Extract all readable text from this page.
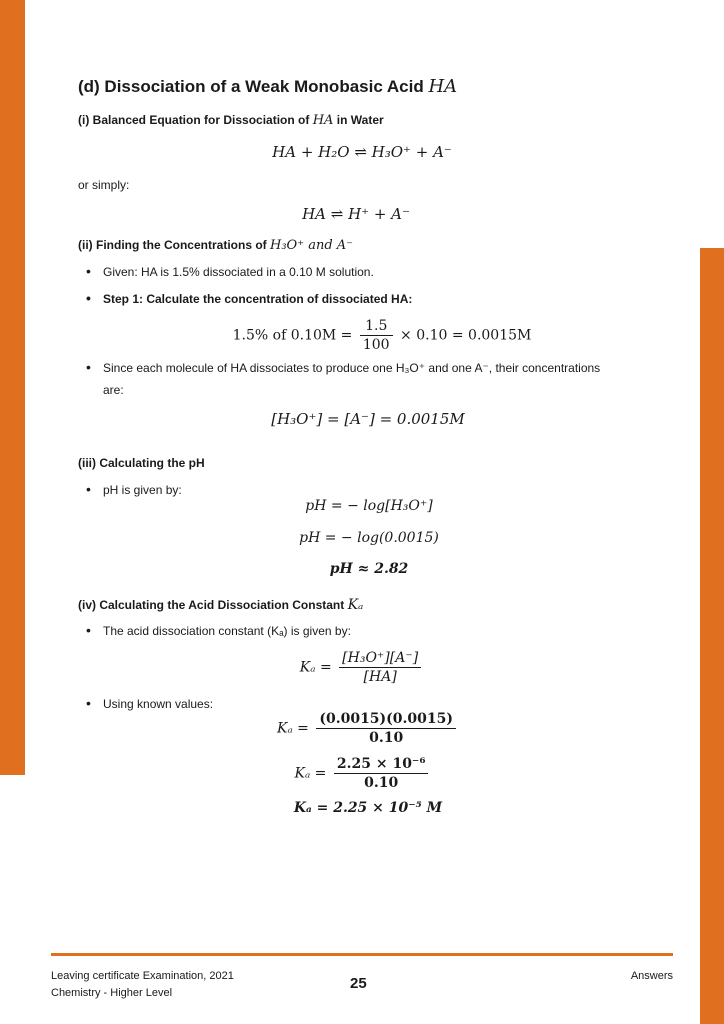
(d) Dissociation of a Weak Monobasic Acid HA
(i) Balanced Equation for Dissociation of HA in Water
HA + H₂O ⇌ H₃O⁺ + A⁻
or simply:
HA ⇌ H⁺ + A⁻
(ii) Finding the Concentrations of H₃O⁺ and A⁻
• Given: HA is 1.5% dissociated in a 0.10 M solution.
• Step 1: Calculate the concentration of dissociated HA:
1.5% of $0.10M = \frac{1.5}{100} \times 0.10 = 0.0015M$
• Since each molecule of HA dissociates to produce one H₃O⁺ and one A⁻, their concentrations
are:
[H₃O⁺] = [A⁻] = 0.0015M
(iii) Calculating the pH
• pH is given by:
pH = − log[H₃O⁺]
pH = − log(0.0015)
pH ≈ 2.82
(iv) Calculating the Acid Dissociation Constant Kₐ
• The acid dissociation constant (Kₐ) is given by:
$K_a = \frac{\text{[H₃O⁺][A⁻]}}{[HA]}$
• Using known values:
$K_a = \frac{(0.0015)(0.0015)}{0.10}$
$K_a = \frac{\text{2.25 × 10⁻⁶}}{0.10}$
Kₐ = 2.25 × 10⁻⁵ M
Leaving certificate Examination, 2021
Chemistry - Higher Level
25	Answers
